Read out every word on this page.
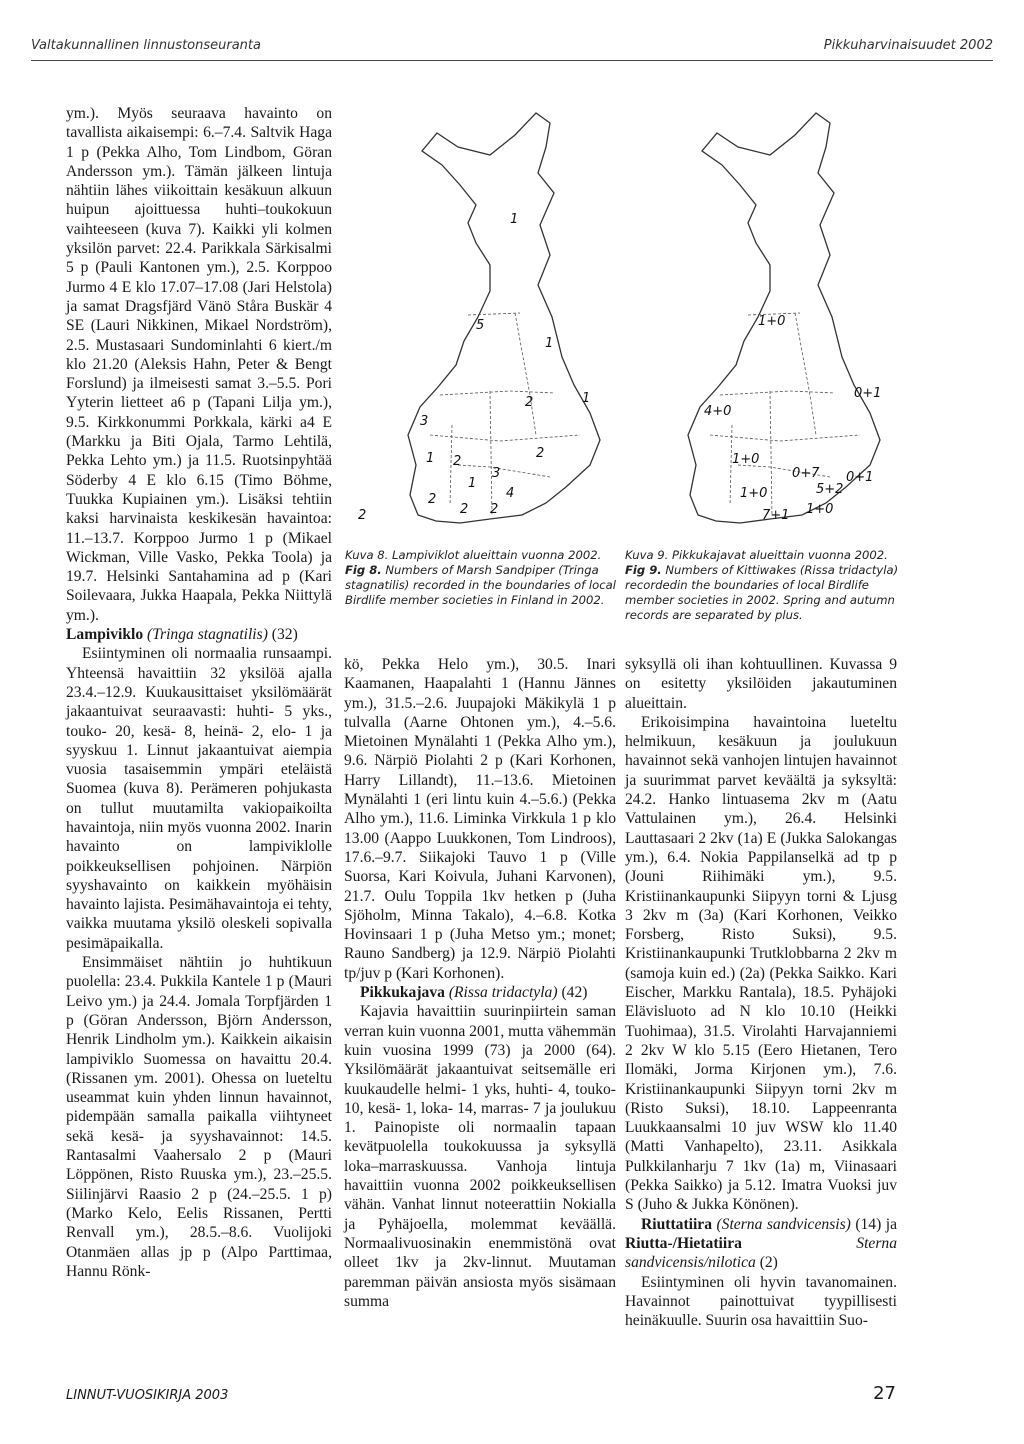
Valtakunnallinen linnustonseuranta	Pikkuharvinaisuudet 2002

ym.). Myös seuraava havainto on tavallista aikaisempi: 6.–7.4. Saltvik Haga 1 p (Pekka Alho, Tom Lindbom, Göran Andersson ym.). Tämän jälkeen lintuja nähtiin lähes viikoittain kesäkuun alkuun huipun ajoittuessa huhti–toukokuun vaihteeseen (kuva 7). Kaikki yli kolmen yksilön parvet: 22.4. Parikkala Särkisalmi 5 p (Pauli Kantonen ym.), 2.5. Korppoo Jurmo 4 E klo 17.07–17.08 (Jari Helstola) ja samat Dragsfjärd Vänö Ståra Buskär 4 SE (Lauri Nikkinen, Mikael Nordström), 2.5. Mustasaari Sundominlahti 6 kiert./m klo 21.20 (Aleksis Hahn, Peter & Bengt Forslund) ja ilmeisesti samat 3.–5.5. Pori Yyterin lietteet a6 p (Tapani Lilja ym.), 9.5. Kirkkonummi Porkkala, kärki a4 E (Markku ja Biti Ojala, Tarmo Lehtilä, Pekka Lehto ym.) ja 11.5. Ruotsinpyhtää Söderby 4 E klo 6.15 (Timo Böhme, Tuukka Kupiainen ym.). Lisäksi tehtiin kaksi harvinaista keskikesän havaintoa: 11.–13.7. Korppoo Jurmo 1 p (Mikael Wickman, Ville Vasko, Pekka Toola) ja 19.7. Helsinki Santahamina ad p (Kari Soilevaara, Jukka Haapala, Pekka Niittylä ym.).

Lampiviklo (Tringa stagnatilis) (32)

Esiintyminen oli normaalia runsaampi. Yhteensä havaittiin 32 yksilöä ajalla 23.4.–12.9. Kuukausittaiset yksilömäärät jakaantuivat seuraavasti: huhti- 5 yks., touko- 20, kesä- 8, heinä- 2, elo- 1 ja syyskuu 1. Linnut jakaantuivat aiempia vuosia tasaisemmin ympäri eteläistä Suomea (kuva 8). Perämeren pohjukasta on tullut muutamilta vakiopaikoilta havaintoja, niin myös vuonna 2002. Inarin havainto on lampiviklolle poikkeuksellisen pohjoinen. Närpiön syyshavainto on kaikkein myöhäisin havainto lajista. Pesimähavaintoja ei tehty, vaikka muutama yksilö oleskeli sopivalla pesimäpaikalla.

Ensimmäiset nähtiin jo huhtikuun puolella: 23.4. Pukkila Kantele 1 p (Mauri Leivo ym.) ja 24.4. Jomala Torpfjärden 1 p (Göran Andersson, Björn Andersson, Henrik Lindholm ym.). Kaikkein aikaisin lampiviklo Suomessa on havaittu 20.4. (Rissanen ym. 2001). Ohessa on lueteltu useammat kuin yhden linnun havainnot, pidempään samalla paikalla viihtyneet sekä kesä- ja syyshavainnot: 14.5. Rantasalmi Vaahersalo 2 p (Mauri Löppönen, Risto Ruuska ym.), 23.–25.5. Siilinjärvi Raasio 2 p (24.–25.5. 1 p) (Marko Kelo, Eelis Rissanen, Pertti Renvall ym.), 28.5.–8.6. Vuolijoki Otanmäen allas jp p (Alpo Parttimaa, Hannu Rönk-

1
5
1
2	1
3
2
1 2
3
1
2	4
2 2
2
1+0
0+1
4+0
1+0
0+7 0+1
5+2
1+0
7+1 1+0
Kuva 8. Lampiviklot alueittain vuonna 2002.
Fig 8. Numbers of Marsh Sandpiper (Tringa stagnatilis) recorded in the boundaries of local Birdlife member societies in Finland in 2002.
Kuva 9. Pikkukajavat alueittain vuonna 2002.
Fig 9. Numbers of Kittiwakes (Rissa tridactyla) recordedin the boundaries of local Birdlife member societies in 2002. Spring and autumn records are separated by plus.

kö, Pekka Helo ym.), 30.5. Inari Kaamanen, Haapalahti 1 (Hannu Jännes ym.), 31.5.–2.6. Juupajoki Mäkikylä 1 p tulvalla (Aarne Ohtonen ym.), 4.–5.6. Mietoinen Mynälahti 1 (Pekka Alho ym.), 9.6. Närpiö Piolahti 2 p (Kari Korhonen, Harry Lillandt), 11.–13.6. Mietoinen Mynälahti 1 (eri lintu kuin 4.–5.6.) (Pekka Alho ym.), 11.6. Liminka Virkkula 1 p klo 13.00 (Aappo Luukkonen, Tom Lindroos), 17.6.–9.7. Siikajoki Tauvo 1 p (Ville Suorsa, Kari Koivula, Juhani Karvonen), 21.7. Oulu Toppila 1kv hetken p (Juha Sjöholm, Minna Takalo), 4.–6.8. Kotka Hovinsaari 1 p (Juha Metso ym.; monet; Rauno Sandberg) ja 12.9. Närpiö Piolahti tp/juv p (Kari Korhonen).

Pikkukajava (Rissa tridactyla) (42)

Kajavia havaittiin suurinpiirtein saman verran kuin vuonna 2001, mutta vähemmän kuin vuosina 1999 (73) ja 2000 (64). Yksilömäärät jakaantuivat seitsemälle eri kuukaudelle helmi- 1 yks, huhti- 4, touko- 10, kesä- 1, loka- 14, marras- 7 ja joulukuu 1. Painopiste oli normaalin tapaan kevätpuolella toukokuussa ja syksyllä loka–marraskuussa. Vanhoja lintuja havaittiin vuonna 2002 poikkeuksellisen vähän. Vanhat linnut noteerattiin Nokialla ja Pyhäjoella, molemmat keväällä. Normaalivuosinakin enemmistönä ovat olleet 1kv ja 2kv-linnut. Muutaman paremman päivän ansiosta myös sisämaan summa

syksyllä oli ihan kohtuullinen. Kuvassa 9 on esitetty yksilöiden jakautuminen alueittain.

Erikoisimpina havaintoina lueteltu helmikuun, kesäkuun ja joulukuun havainnot sekä vanhojen lintujen havainnot ja suurimmat parvet keväältä ja syksyltä: 24.2. Hanko lintuasema 2kv m (Aatu Vattulainen ym.), 26.4. Helsinki Lauttasaari 2 2kv (1a) E (Jukka Salokangas ym.), 6.4. Nokia Pappilanselkä ad tp p (Jouni Riihimäki ym.), 9.5. Kristiinankaupunki Siipyyn torni & Ljusg 3 2kv m (3a) (Kari Korhonen, Veikko Forsberg, Risto Suksi), 9.5. Kristiinankaupunki Trutklobbarna 2 2kv m (samoja kuin ed.) (2a) (Pekka Saikko. Kari Eischer, Markku Rantala), 18.5. Pyhäjoki Elävisluoto ad N klo 10.10 (Heikki Tuohimaa), 31.5. Virolahti Harvajanniemi 2 2kv W klo 5.15 (Eero Hietanen, Tero Ilomäki, Jorma Kirjonen ym.), 7.6. Kristiinankaupunki Siipyyn torni 2kv m (Risto Suksi), 18.10. Lappeenranta Luukkaansalmi 10 juv WSW klo 11.40 (Matti Vanhapelto), 23.11. Asikkala Pulkkilanharju 7 1kv (1a) m, Viinasaari (Pekka Saikko) ja 5.12. Imatra Vuoksi juv S (Juho & Jukka Könönen).

Riuttatiira (Sterna sandvicensis) (14) ja Riutta-/Hietatiira Sterna sandvicensis/nilotica (2)

Esiintyminen oli hyvin tavanomainen. Havainnot painottuivat tyypillisesti heinäkuulle. Suurin osa havaittiin Suo-

LINNUT-VUOSIKIRJA 2003	27
